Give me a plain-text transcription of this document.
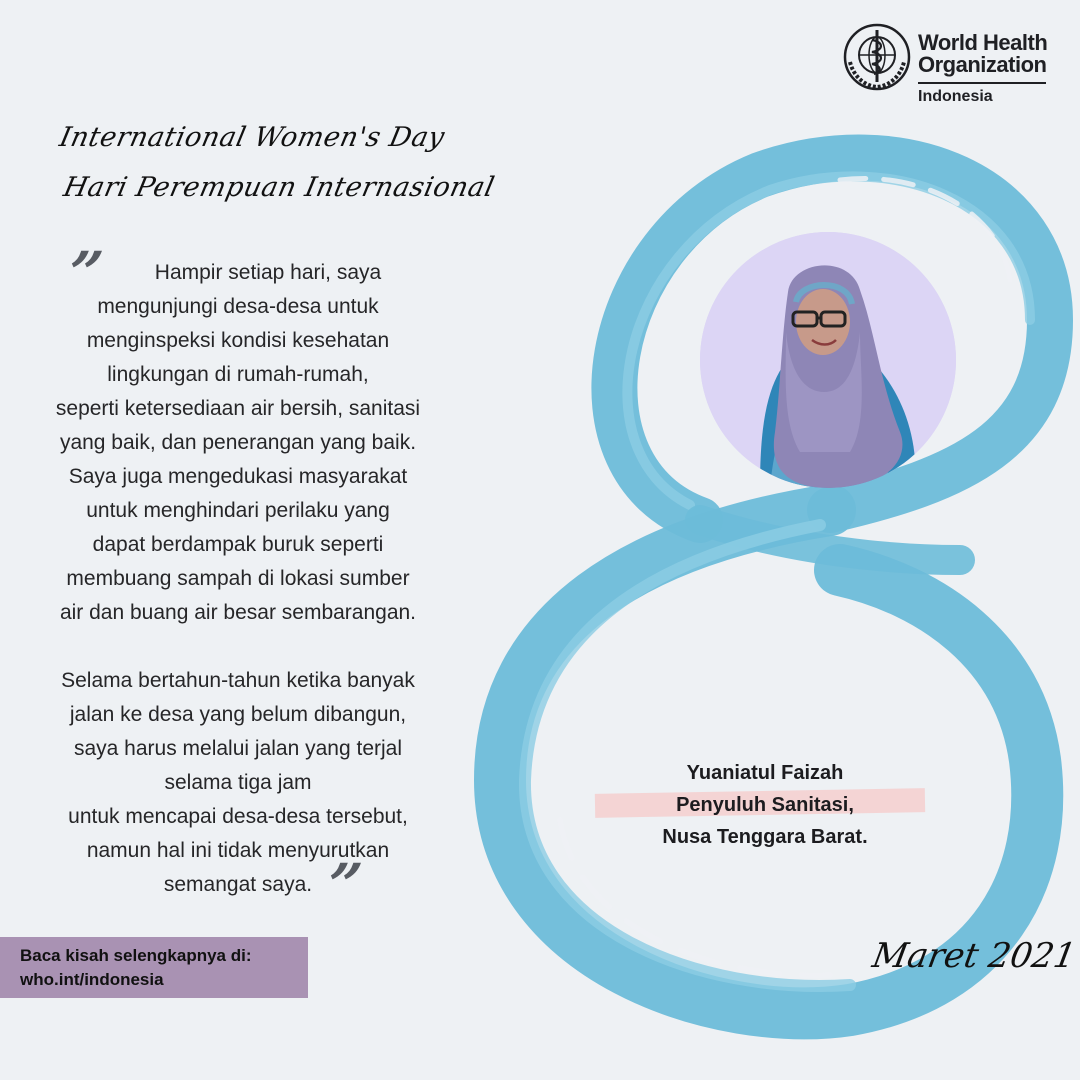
World Health
Organization
Indonesia
International Women's Day
Hari Perempuan Internasional
”	Hampir setiap hari, saya
mengunjungi desa-desa untuk
menginspeksi kondisi kesehatan
lingkungan di rumah-rumah,
seperti ketersediaan air bersih, sanitasi
yang baik, dan penerangan yang baik.
Saya juga mengedukasi masyarakat
untuk menghindari perilaku yang
dapat berdampak buruk seperti
membuang sampah di lokasi sumber
air dan buang air besar sembarangan.
Selama bertahun-tahun ketika banyak
jalan ke desa yang belum dibangun,
saya harus melalui jalan yang terjal
selama tiga jam
untuk mencapai desa-desa tersebut,
namun hal ini tidak menyurutkan
semangat saya. ”
Yuaniatul Faizah
Penyuluh Sanitasi,
Nusa Tenggara Barat.
Baca kisah selengkapnya di:
who.int/indonesia
Maret 2021
